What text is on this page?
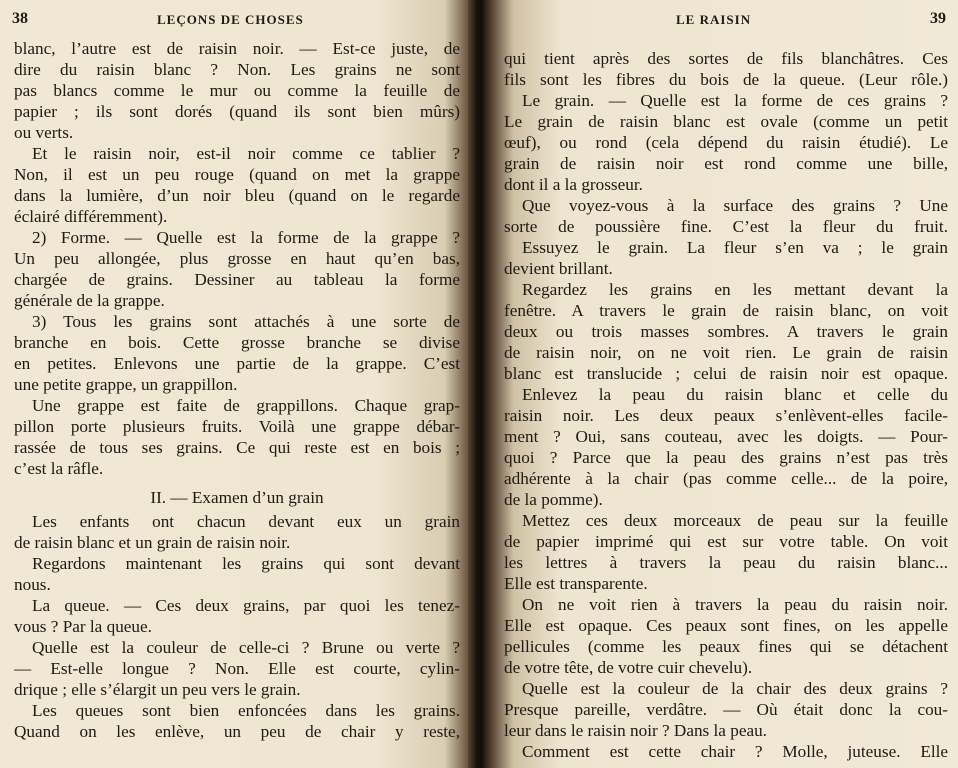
38	LEÇONS DE CHOSES
blanc, l’autre est de raisin noir. — Est-ce juste, de
dire du raisin blanc ? Non. Les grains ne sont
pas blancs comme le mur ou comme la feuille de
papier ; ils sont dorés (quand ils sont bien mûrs)
ou verts.
Et le raisin noir, est-il noir comme ce tablier ?
Non, il est un peu rouge (quand on met la grappe
dans la lumière, d’un noir bleu (quand on le regarde
éclairé différemment).
2) Forme. — Quelle est la forme de la grappe ?
Un peu allongée, plus grosse en haut qu’en bas,
chargée de grains. Dessiner au tableau la forme
générale de la grappe.
3) Tous les grains sont attachés à une sorte de
branche en bois. Cette grosse branche se divise
en petites. Enlevons une partie de la grappe. C’est
une petite grappe, un grappillon.
Une grappe est faite de grappillons. Chaque grap-
pillon porte plusieurs fruits. Voilà une grappe débar-
rassée de tous ses grains. Ce qui reste est en bois ;
c’est la râfle.
II. — Examen d’un grain
Les enfants ont chacun devant eux un grain
de raisin blanc et un grain de raisin noir.
Regardons maintenant les grains qui sont devant
nous.
La queue. — Ces deux grains, par quoi les tenez-
vous ? Par la queue.
Quelle est la couleur de celle-ci ? Brune ou verte ?
— Est-elle longue ? Non. Elle est courte, cylin-
drique ; elle s’élargit un peu vers le grain.
Les queues sont bien enfoncées dans les grains.
Quand on les enlève, un peu de chair y reste,
LE RAISIN	39
qui tient après des sortes de fils blanchâtres. Ces
fils sont les fibres du bois de la queue. (Leur rôle.)
Le grain. — Quelle est la forme de ces grains ?
Le grain de raisin blanc est ovale (comme un petit
œuf), ou rond (cela dépend du raisin étudié). Le
grain de raisin noir est rond comme une bille,
dont il a la grosseur.
Que voyez-vous à la surface des grains ? Une
sorte de poussière fine. C’est la fleur du fruit.
Essuyez le grain. La fleur s’en va ; le grain
devient brillant.
Regardez les grains en les mettant devant la
fenêtre. A travers le grain de raisin blanc, on voit
deux ou trois masses sombres. A travers le grain
de raisin noir, on ne voit rien. Le grain de raisin
blanc est translucide ; celui de raisin noir est opaque.
Enlevez la peau du raisin blanc et celle du
raisin noir. Les deux peaux s’enlèvent-elles facile-
ment ? Oui, sans couteau, avec les doigts. — Pour-
quoi ? Parce que la peau des grains n’est pas très
adhérente à la chair (pas comme celle... de la poire,
de la pomme).
Mettez ces deux morceaux de peau sur la feuille
de papier imprimé qui est sur votre table. On voit
les lettres à travers la peau du raisin blanc...
Elle est transparente.
On ne voit rien à travers la peau du raisin noir.
Elle est opaque. Ces peaux sont fines, on les appelle
pellicules (comme les peaux fines qui se détachent
de votre tête, de votre cuir chevelu).
Quelle est la couleur de la chair des deux grains ?
Presque pareille, verdâtre. — Où était donc la cou-
leur dans le raisin noir ? Dans la peau.
Comment est cette chair ? Molle, juteuse. Elle
